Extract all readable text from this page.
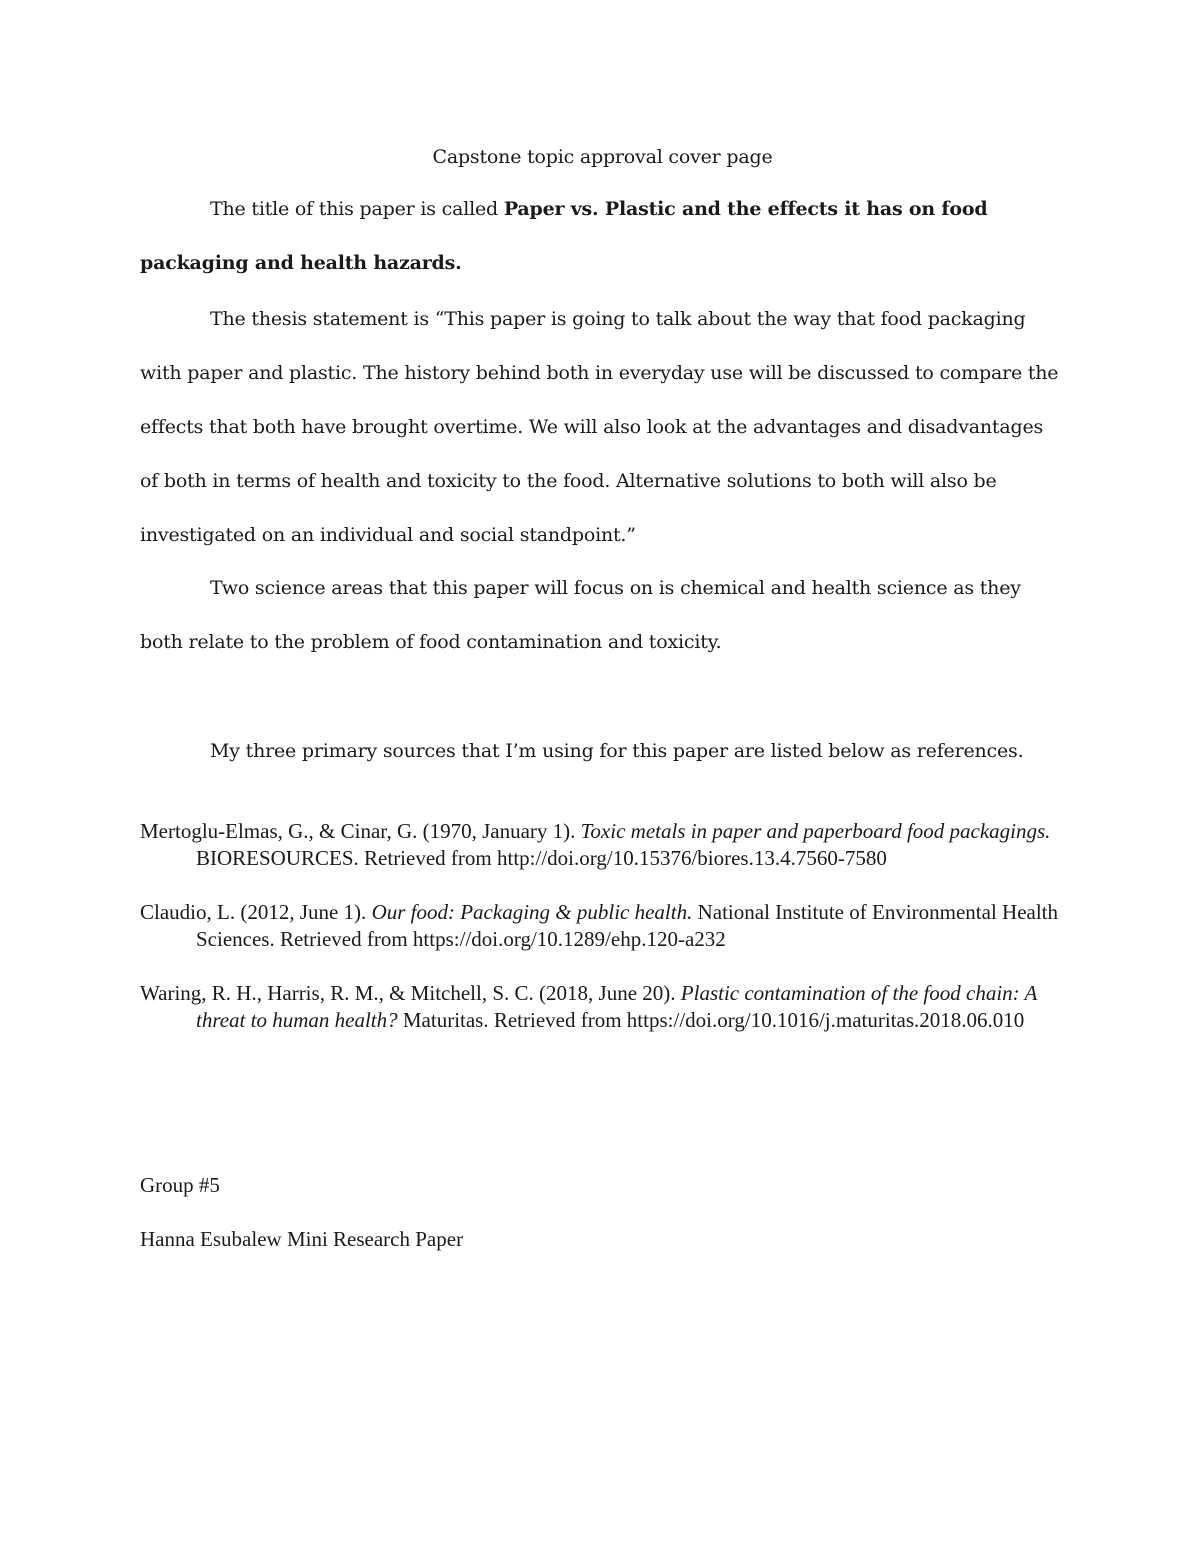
Capstone topic approval cover page

The title of this paper is called Paper vs. Plastic and the effects it has on food packaging and health hazards.

The thesis statement is “This paper is going to talk about the way that food packaging with paper and plastic. The history behind both in everyday use will be discussed to compare the effects that both have brought overtime. We will also look at the advantages and disadvantages of both in terms of health and toxicity to the food. Alternative solutions to both will also be investigated on an individual and social standpoint.”

Two science areas that this paper will focus on is chemical and health science as they both relate to the problem of food contamination and toxicity.

My three primary sources that I’m using for this paper are listed below as references.

Mertoglu-Elmas, G., & Cinar, G. (1970, January 1). Toxic metals in paper and paperboard food packagings. BIORESOURCES. Retrieved from http://doi.org/10.15376/biores.13.4.7560-7580

Claudio, L. (2012, June 1). Our food: Packaging & public health. National Institute of Environmental Health Sciences. Retrieved from https://doi.org/10.1289/ehp.120-a232

Waring, R. H., Harris, R. M., & Mitchell, S. C. (2018, June 20). Plastic contamination of the food chain: A threat to human health? Maturitas. Retrieved from https://doi.org/10.1016/j.maturitas.2018.06.010

Group #5

Hanna Esubalew Mini Research Paper
